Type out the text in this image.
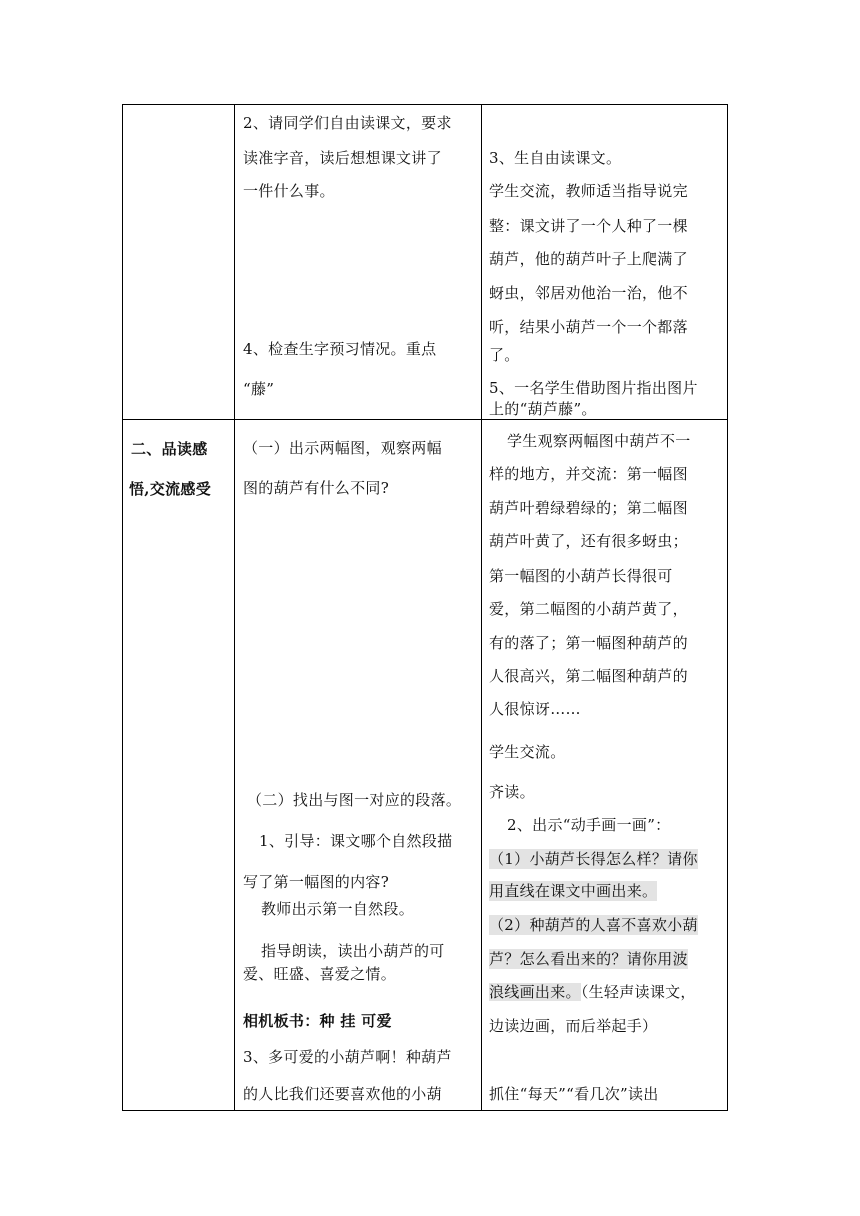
2、请同学们自由读课文，要求
读准字音，读后想想课文讲了
一件什么事。
4、检查生字预习情况。重点
“藤”
3、生自由读课文。
学生交流，教师适当指导说完
整：课文讲了一个人种了一棵
葫芦，他的葫芦叶子上爬满了
蚜虫，邻居劝他治一治，他不
听，结果小葫芦一个一个都落
了。
5、一名学生借助图片指出图片
上的“葫芦藤”。
二、品读感
悟,交流感受
（一）出示两幅图，观察两幅
图的葫芦有什么不同?
（二）找出与图一对应的段落。
1、引导：课文哪个自然段描
写了第一幅图的内容?
教师出示第一自然段。
指导朗读，读出小葫芦的可
爱、旺盛、喜爱之情。
相机板书：种 挂 可爱
3、多可爱的小葫芦啊！种葫芦
的人比我们还要喜欢他的小葫
学生观察两幅图中葫芦不一
样的地方，并交流：第一幅图
葫芦叶碧绿碧绿的；第二幅图
葫芦叶黄了，还有很多蚜虫；
第一幅图的小葫芦长得很可
爱，第二幅图的小葫芦黄了，
有的落了；第一幅图种葫芦的
人很高兴，第二幅图种葫芦的
人很惊讶……
学生交流。
齐读。
2、出示“动手画一画”：
（1）小葫芦长得怎么样？请你
用直线在课文中画出来。
（2）种葫芦的人喜不喜欢小葫
芦？怎么看出来的？请你用波
浪线画出来。（生轻声读课文，
边读边画，而后举起手）
抓住“每天”“看几次”读出
